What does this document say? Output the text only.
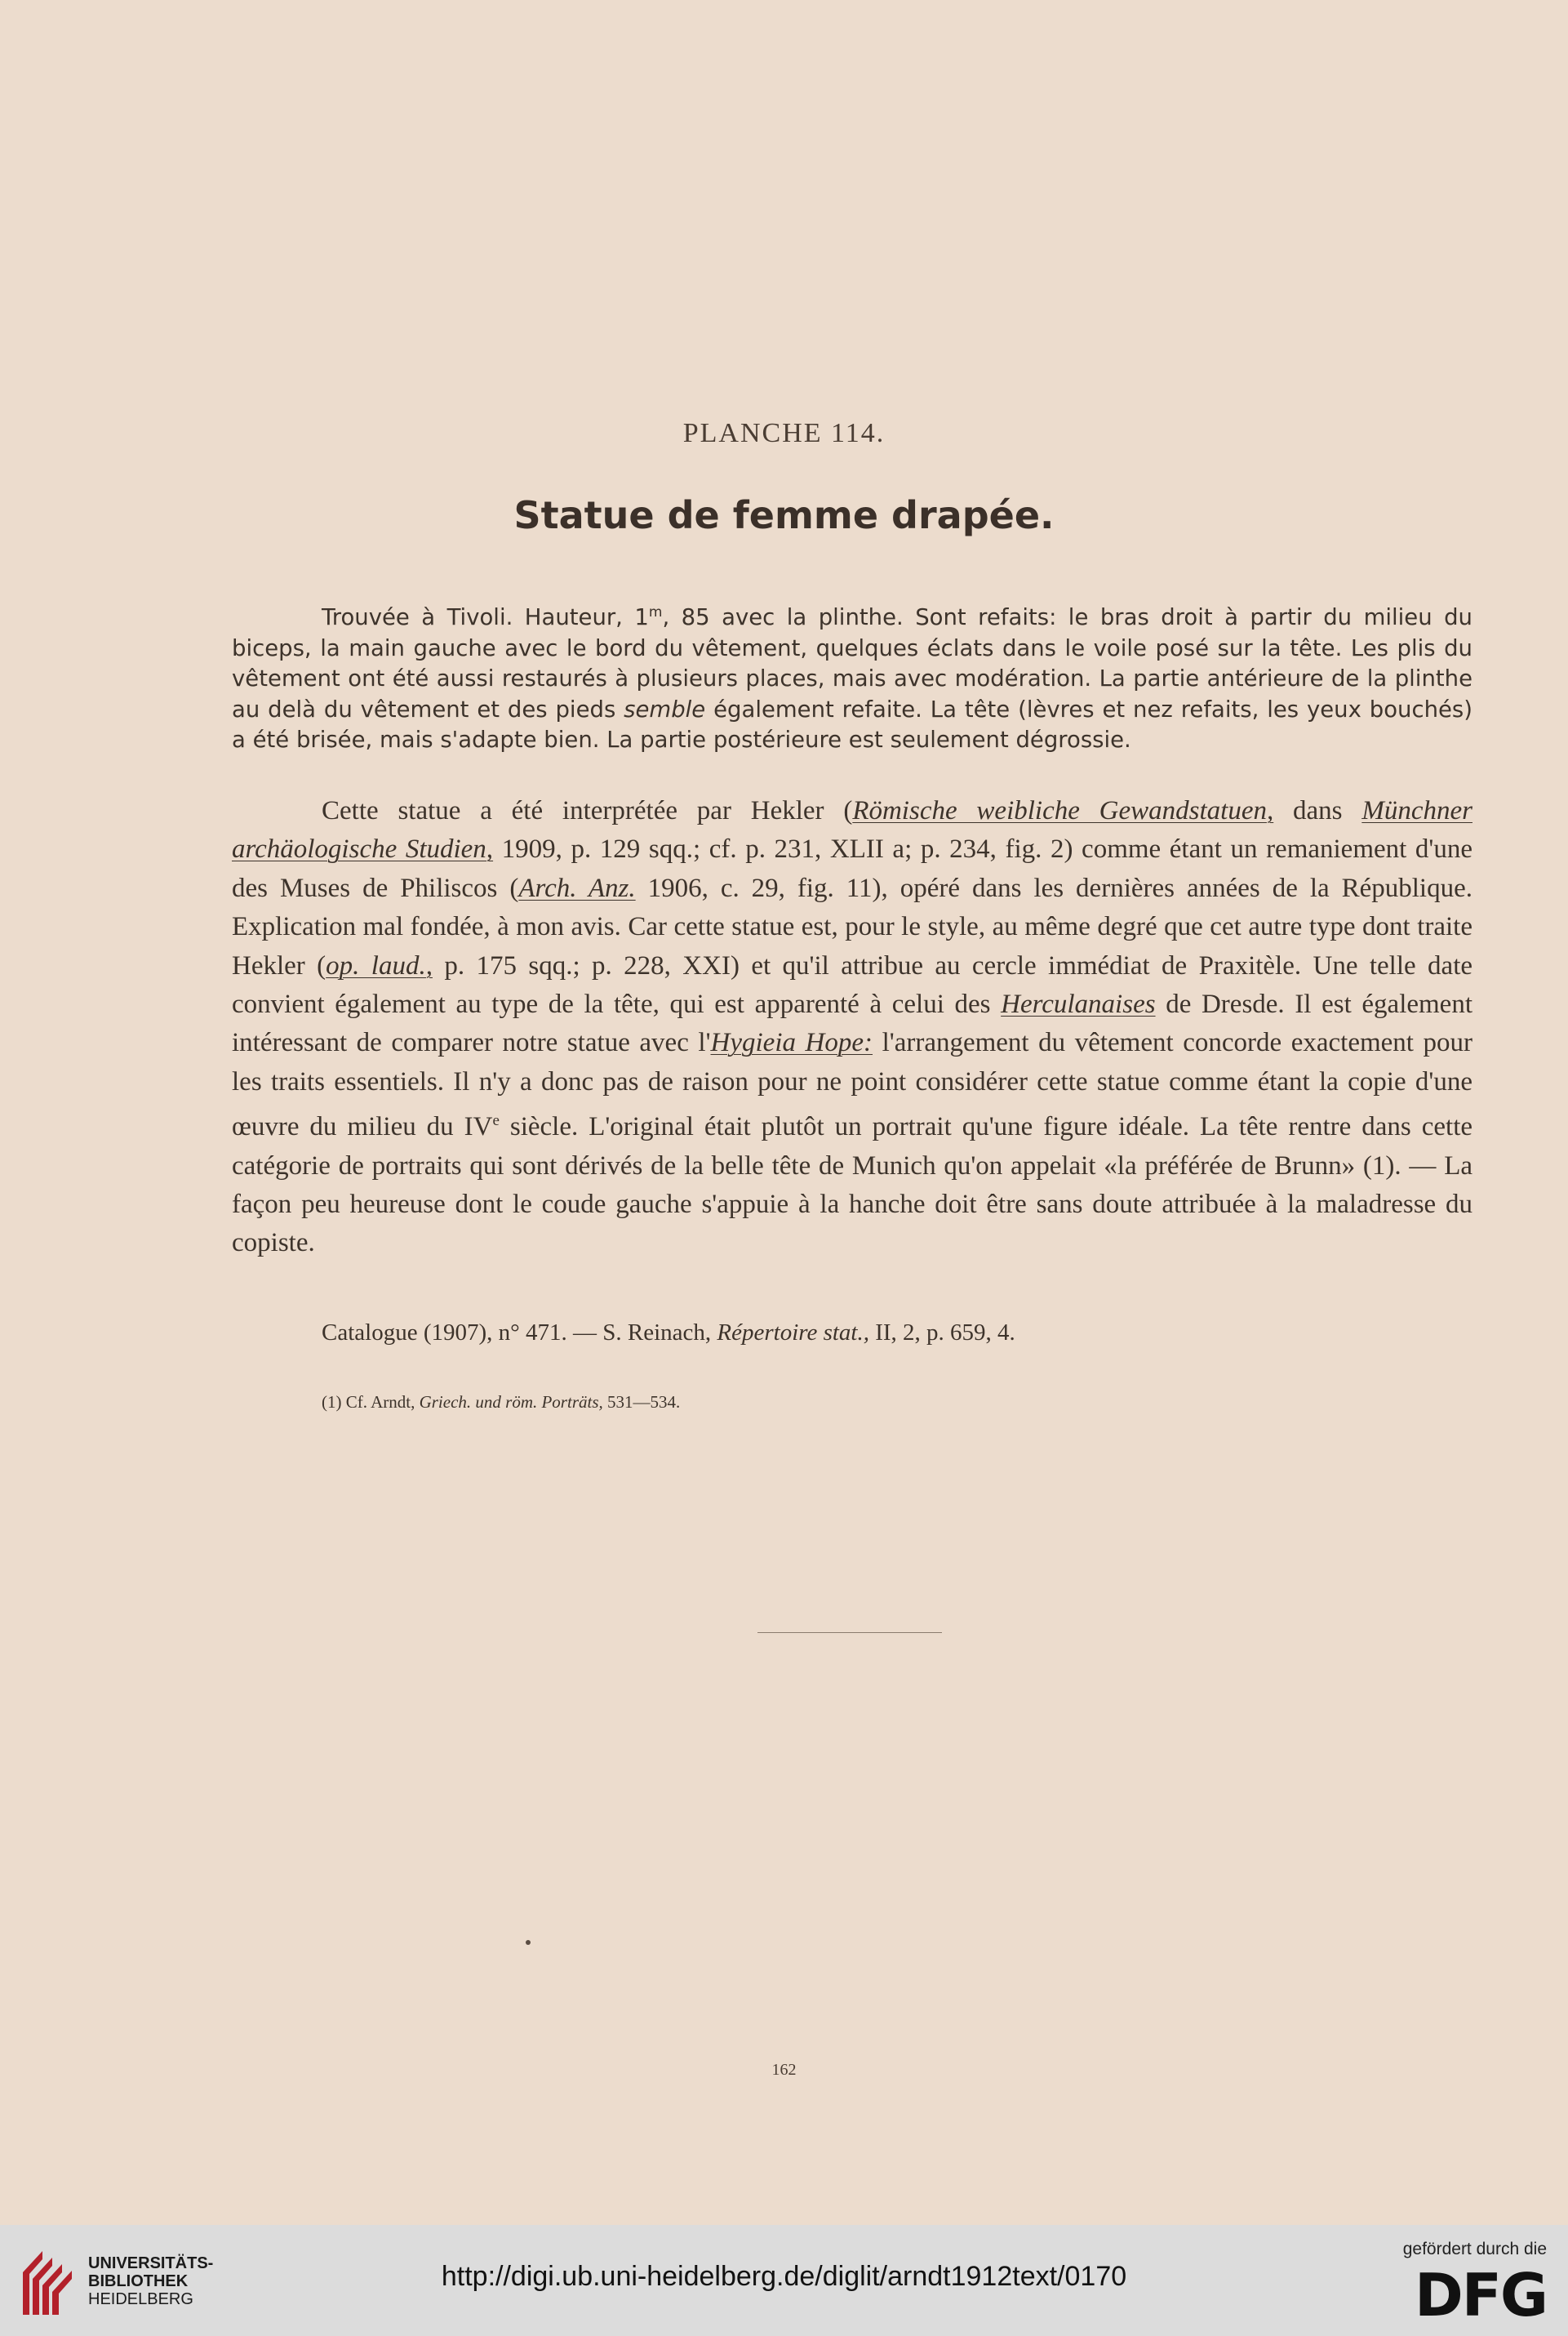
PLANCHE 114.
Statue de femme drapée.

Trouvée à Tivoli. Hauteur, 1$^m$, 85 avec la plinthe. Sont refaits: le bras droit à partir du milieu du biceps, la main gauche avec le bord du vêtement, quelques éclats dans le voile posé sur la tête. Les plis du vêtement ont été aussi restaurés à plusieurs places, mais avec modération. La partie antérieure de la plinthe au delà du vêtement et des pieds semble également refaite. La tête (lèvres et nez refaits, les yeux bouchés) a été brisée, mais s'adapte bien. La partie postérieure est seulement dégrossie.

Cette statue a été interprétée par Hekler (Römische weibliche Gewandstatuen, dans Münchner archäologische Studien, 1909, p. 129 sqq.; cf. p. 231, XLII a; p. 234, fig. 2) comme étant un remaniement d'une des Muses de Philiscos (Arch. Anz. 1906, c. 29, fig. 11), opéré dans les dernières années de la République. Explication mal fondée, à mon avis. Car cette statue est, pour le style, au même degré que cet autre type dont traite Hekler (op. laud., p. 175 sqq.; p. 228, XXI) et qu'il attribue au cercle immédiat de Praxitèle. Une telle date convient également au type de la tête, qui est apparenté à celui des Herculanaises de Dresde. Il est également intéressant de comparer notre statue avec l'Hygieia Hope: l'arrangement du vêtement concorde exactement pour les traits essentiels. Il n'y a donc pas de raison pour ne point considérer cette statue comme étant la copie d'une œuvre du milieu du IVe siècle. L'original était plutôt un portrait qu'une figure idéale. La tête rentre dans cette catégorie de portraits qui sont dérivés de la belle tête de Munich qu'on appelait «la préférée de Brunn» (1). — La façon peu heureuse dont le coude gauche s'appuie à la hanche doit être sans doute attribuée à la maladresse du copiste.

Catalogue (1907), n° 471. — S. Reinach, Répertoire stat., II, 2, p. 659, 4.
(1) Cf. Arndt, Griech. und röm. Porträts, 531—534.
162
UNIVERSITÄTS-
BIBLIOTHEK
HEIDELBERG
http://digi.ub.uni-heidelberg.de/diglit/arndt1912text/0170
gefördert durch die
DFG
